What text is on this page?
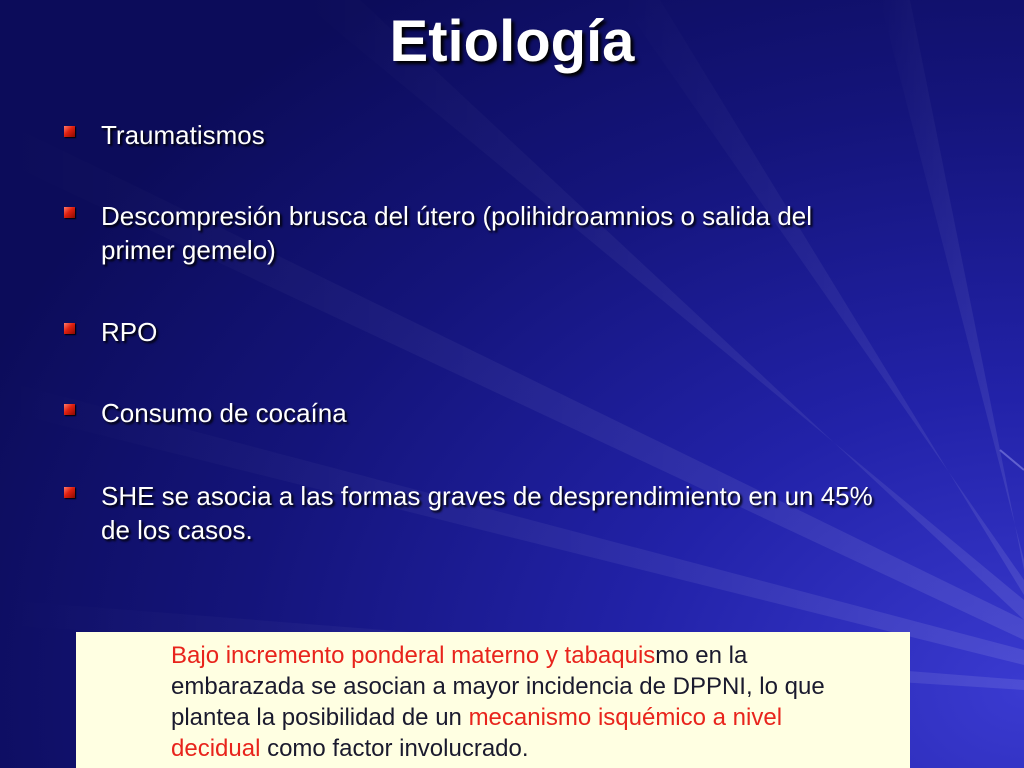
Etiología
Traumatismos
Descompresión brusca del útero (polihidroamnios o salida del
primer gemelo)
RPO
Consumo de cocaína
SHE se asocia a las formas graves de desprendimiento en un 45%
de los casos.
Bajo incremento ponderal materno y tabaquismo en la
embarazada se asocian a mayor incidencia de DPPNI, lo que
plantea la posibilidad de un mecanismo isquémico a nivel
decidual como factor involucrado.
